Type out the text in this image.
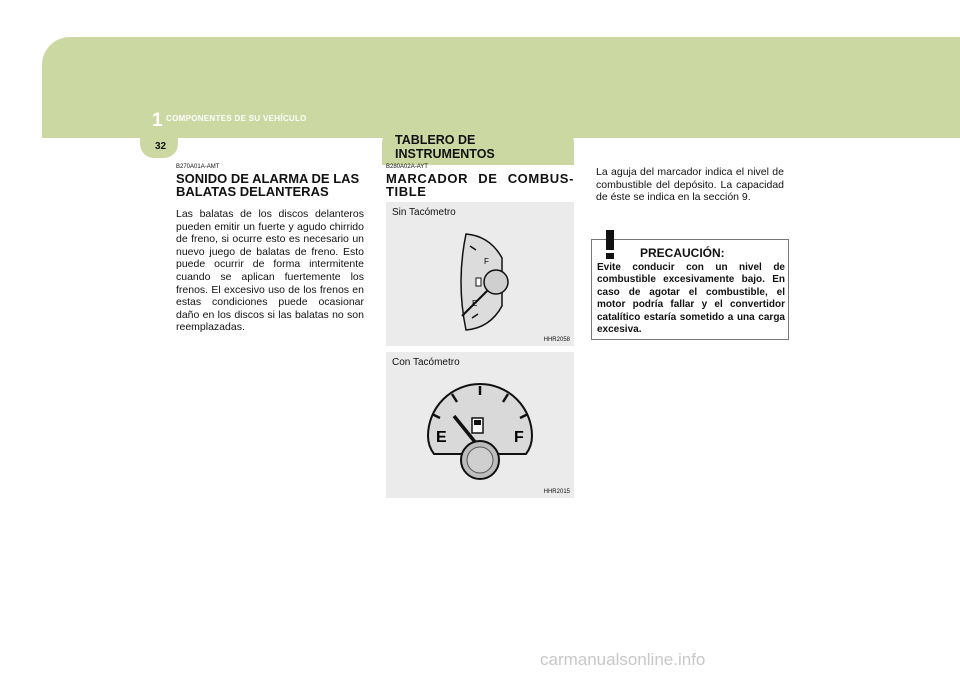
1 COMPONENTES DE SU VEHÍCULO
32	TABLERO DE INSTRUMENTOS
B270A01A-AMT
SONIDO DE ALARMA DE LAS BALATAS DELANTERAS
Las balatas de los discos delanteros pueden emitir un fuerte y agudo chirrido de freno, si ocurre esto es necesario un nuevo juego de balatas de freno. Esto puede ocurrir de forma intermitente cuando se aplican fuertemente los frenos. El excesivo uso de los frenos en estas condiciones puede ocasionar daño en los discos si las balatas no son reemplazadas.
B280A02A-AYT
MARCADOR DE COMBUS-TIBLE
Sin Tacómetro
F
E
HHR2058
Con Tacómetro
E	F
HHR2015
La aguja del marcador indica el nivel de combustible del depósito. La capacidad de éste se indica en la sección 9.
PRECAUCIÓN:
Evite conducir con un nivel de combustible excesivamente bajo. En caso de agotar el combustible, el motor podría fallar y el convertidor catalítico estaría sometido a una carga excesiva.
carmanualsonline.info
